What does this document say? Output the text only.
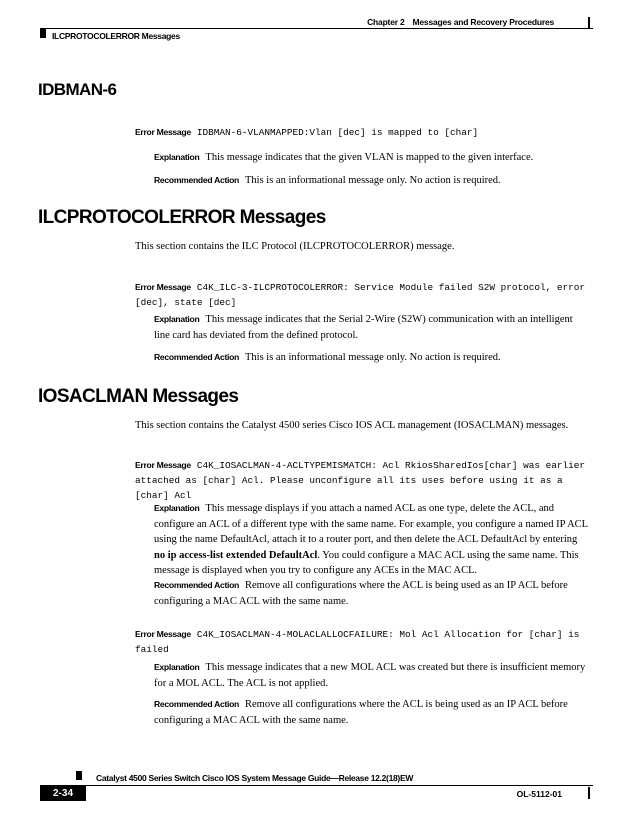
Chapter 2 Messages and Recovery Procedures
ILCPROTOCOLERROR Messages
IDBMAN-6
Error Message IDBMAN-6-VLANMAPPED:Vlan [dec] is mapped to [char]
Explanation This message indicates that the given VLAN is mapped to the given interface.
Recommended Action This is an informational message only. No action is required.
ILCPROTOCOLERROR Messages
This section contains the ILC Protocol (ILCPROTOCOLERROR) message.
Error Message C4K_ILC-3-ILCPROTOCOLERROR: Service Module failed S2W protocol, error [dec], state [dec]
Explanation This message indicates that the Serial 2-Wire (S2W) communication with an intelligent line card has deviated from the defined protocol.
Recommended Action This is an informational message only. No action is required.
IOSACLMAN Messages
This section contains the Catalyst 4500 series Cisco IOS ACL management (IOSACLMAN) messages.
Error Message C4K_IOSACLMAN-4-ACLTYPEMISMATCH: Acl RkiosSharedIos[char] was earlier attached as [char] Acl. Please unconfigure all its uses before using it as a [char] Acl
Explanation This message displays if you attach a named ACL as one type, delete the ACL, and configure an ACL of a different type with the same name. For example, you configure a named IP ACL using the name DefaultAcl, attach it to a router port, and then delete the ACL DefaultAcl by entering no ip access-list extended DefaultAcl. You could configure a MAC ACL using the same name. This message is displayed when you try to configure any ACEs in the MAC ACL.
Recommended Action Remove all configurations where the ACL is being used as an IP ACL before configuring a MAC ACL with the same name.
Error Message C4K_IOSACLMAN-4-MOLACLALLOCFAILURE: Mol Acl Allocation for [char] is failed
Explanation This message indicates that a new MOL ACL was created but there is insufficient memory for a MOL ACL. The ACL is not applied.
Recommended Action Remove all configurations where the ACL is being used as an IP ACL before configuring a MAC ACL with the same name.
Catalyst 4500 Series Switch Cisco IOS System Message Guide—Release 12.2(18)EW
2-34	OL-5112-01
